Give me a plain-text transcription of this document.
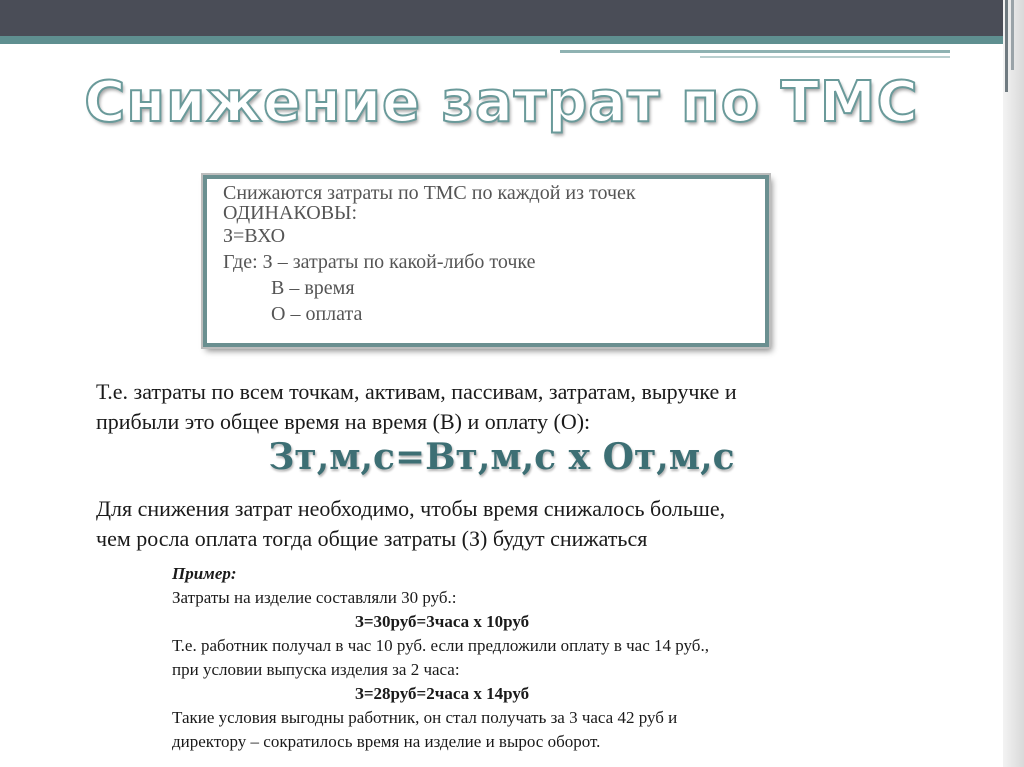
Снижение затрат по ТМС
Снижаются затраты по ТМС по каждой из точек
ОДИНАКОВЫ:
З=ВХО
Где: З – затраты по какой-либо точке
В – время
О – оплата
Т.е. затраты по всем точкам, активам, пассивам, затратам, выручке и
прибыли это общее время на время (В) и оплату (О):
Зт,м,с=Вт,м,с х От,м,с
Для снижения затрат необходимо, чтобы время снижалось больше,
чем росла оплата тогда общие затраты (З) будут снижаться
Пример:
Затраты на изделие составляли 30 руб.:
З=30руб=3часа х 10руб
Т.е. работник получал в час 10 руб. если предложили оплату в час 14 руб.,
при условии выпуска изделия за 2 часа:
З=28руб=2часа х 14руб
Такие условия выгодны работник, он стал получать за 3 часа 42 руб и
директору – сократилось время на изделие и вырос оборот.
